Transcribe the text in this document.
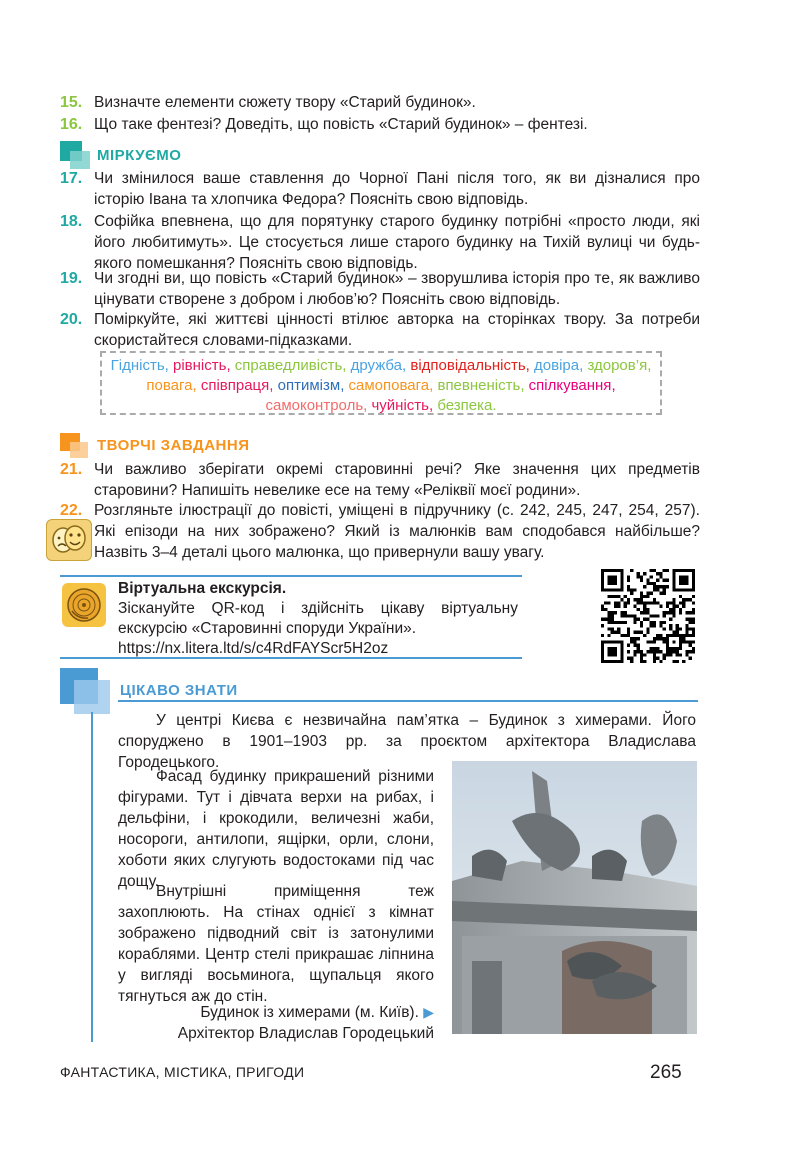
15. Визначте елементи сюжету твору «Старий будинок».
16. Що таке фентезі? Доведіть, що повість «Старий будинок» – фентезі.
МІРКУЄМО
17. Чи змінилося ваше ставлення до Чорної Пані після того, як ви дізналися про історію Івана та хлопчика Федора? Поясніть свою відповідь.
18. Софійка впевнена, що для порятунку старого будинку потрібні «просто люди, які його любитимуть». Це стосується лише старого будинку на Тихій вулиці чи будь-якого помешкання? Поясніть свою відповідь.
19. Чи згодні ви, що повість «Старий будинок» – зворушлива історія про те, як важливо цінувати створене з добром і любов’ю? Поясніть свою відповідь.
20. Поміркуйте, які життєві цінності втілює авторка на сторінках твору. За потреби скористайтеся словами-підказками.
Гідність, рівність, справедливість, дружба, відповідальність, довіра, здоров’я, повага, співпраця, оптимізм, самоповага, впевненість, спілкування, самоконтроль, чуйність, безпека.
ТВОРЧІ ЗАВДАННЯ
21. Чи важливо зберігати окремі старовинні речі? Яке значення цих предметів старовини? Напишіть невелике есе на тему «Реліквії моєї родини».
22. Розгляньте ілюстрації до повісті, уміщені в підручнику (с. 242, 245, 247, 254, 257). Які епізоди на них зображено? Який із малюнків вам сподобався найбільше? Назвіть 3–4 деталі цього малюнка, що привернули вашу увагу.
Віртуальна екскурсія.
Зіскануйте QR-код і здійсніть цікаву віртуальну екскурсію «Старовинні споруди України».
https://nx.litera.ltd/s/c4RdFAYScr5H2oz
ЦІКАВО ЗНАТИ
У центрі Києва є незвичайна пам’ятка – Будинок з химерами. Його споруджено в 1901–1903 рр. за проєктом архітектора Владислава Городецького.
Фасад будинку прикрашений різними фігурами. Тут і дівчата верхи на рибах, і дельфіни, і крокодили, величезні жаби, носороги, антилопи, ящірки, орли, слони, хоботи яких слугують водостоками під час дощу.
Внутрішні приміщення теж захоплюють. На стінах однієї з кімнат зображено підводний світ із затонулими кораблями. Центр стелі прикрашає ліпнина у вигляді восьминога, щупальця якого тягнуться аж до стін.
Будинок із химерами (м. Київ). ▶
Архітектор Владислав Городецький
ФАНТАСТИКА, МІСТИКА, ПРИГОДИ	265
